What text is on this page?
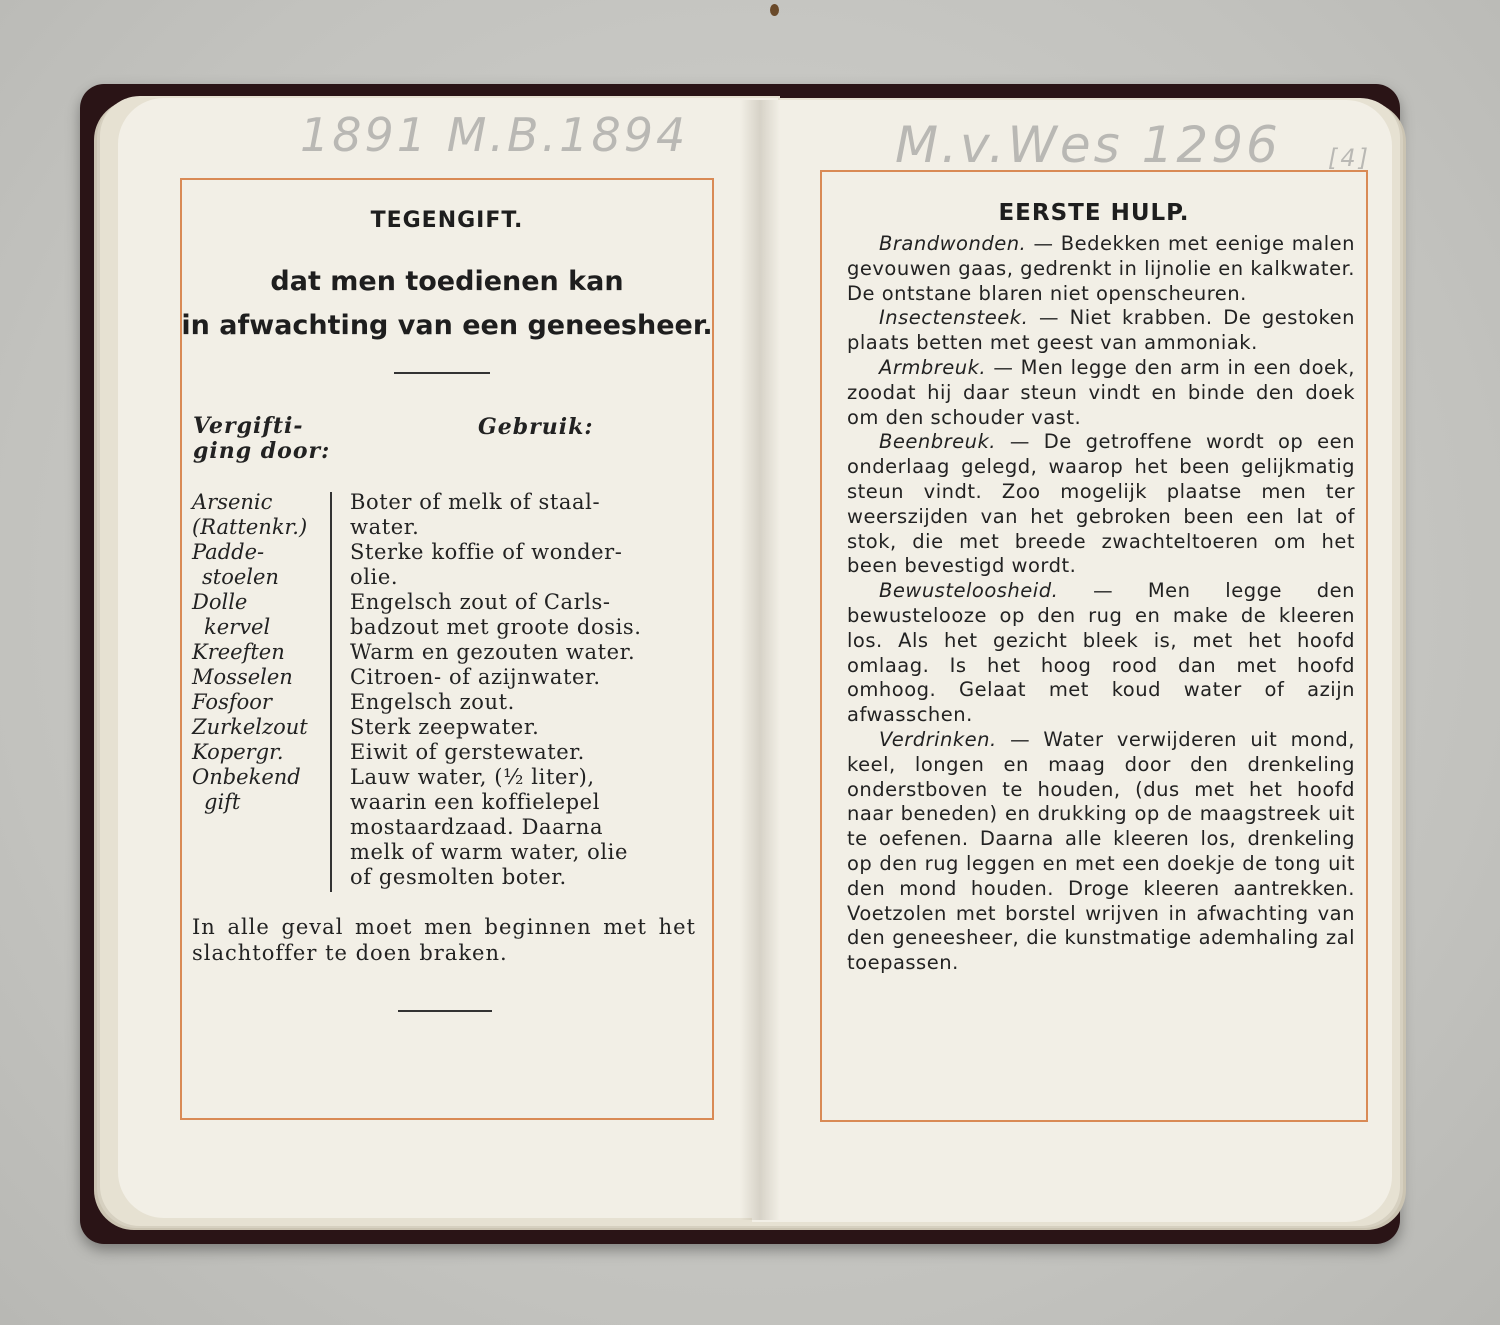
1891 M.B.1894	M.v.Wes 1296 [4]
TEGENGIFT.
dat men toedienen kan
in afwachting van een geneesheer.
Vergifti- ging door:
Gebruik:
Arsenic
(Rattenkr.)
Padde-
stoelen
Dolle
kervel
Kreeften
Mosselen
Fosfoor
Zurkelzout
Kopergr.
Onbekend
gift
Boter of melk of staal-
water.
Sterke koffie of wonder-
olie.
Engelsch zout of Carls-
badzout met groote dosis.
Warm en gezouten water.
Citroen- of azijnwater.
Engelsch zout.
Sterk zeepwater.
Eiwit of gerstewater.
Lauw water, (½ liter),
waarin een koffielepel
mostaardzaad. Daarna
melk of warm water, olie
of gesmolten boter.
In alle geval moet men beginnen met het slachtoffer te doen braken.
EERSTE HULP.

Brandwonden. — Bedekken met eenige malen gevouwen gaas, gedrenkt in lijnolie en kalkwater. De ontstane blaren niet openscheuren.

Insectensteek. — Niet krabben. De gestoken plaats betten met geest van ammoniak.

Armbreuk. — Men legge den arm in een doek, zoodat hij daar steun vindt en binde den doek om den schouder vast.

Beenbreuk. — De getroffene wordt op een onderlaag gelegd, waarop het been gelijkmatig steun vindt. Zoo mogelijk plaatse men ter weerszijden van het gebroken been een lat of stok, die met breede zwachteltoeren om het been bevestigd wordt.

Bewusteloosheid. — Men legge den bewustelooze op den rug en make de kleeren los. Als het gezicht bleek is, met het hoofd omlaag. Is het hoog rood dan met hoofd omhoog. Gelaat met koud water of azijn afwasschen.

Verdrinken. — Water verwijderen uit mond, keel, longen en maag door den drenkeling onderstboven te houden, (dus met het hoofd naar beneden) en drukking op de maagstreek uit te oefenen. Daarna alle kleeren los, drenkeling op den rug leggen en met een doekje de tong uit den mond houden. Droge kleeren aantrekken. Voetzolen met borstel wrijven in afwachting van den geneesheer, die kunstmatige ademhaling zal toepassen.
